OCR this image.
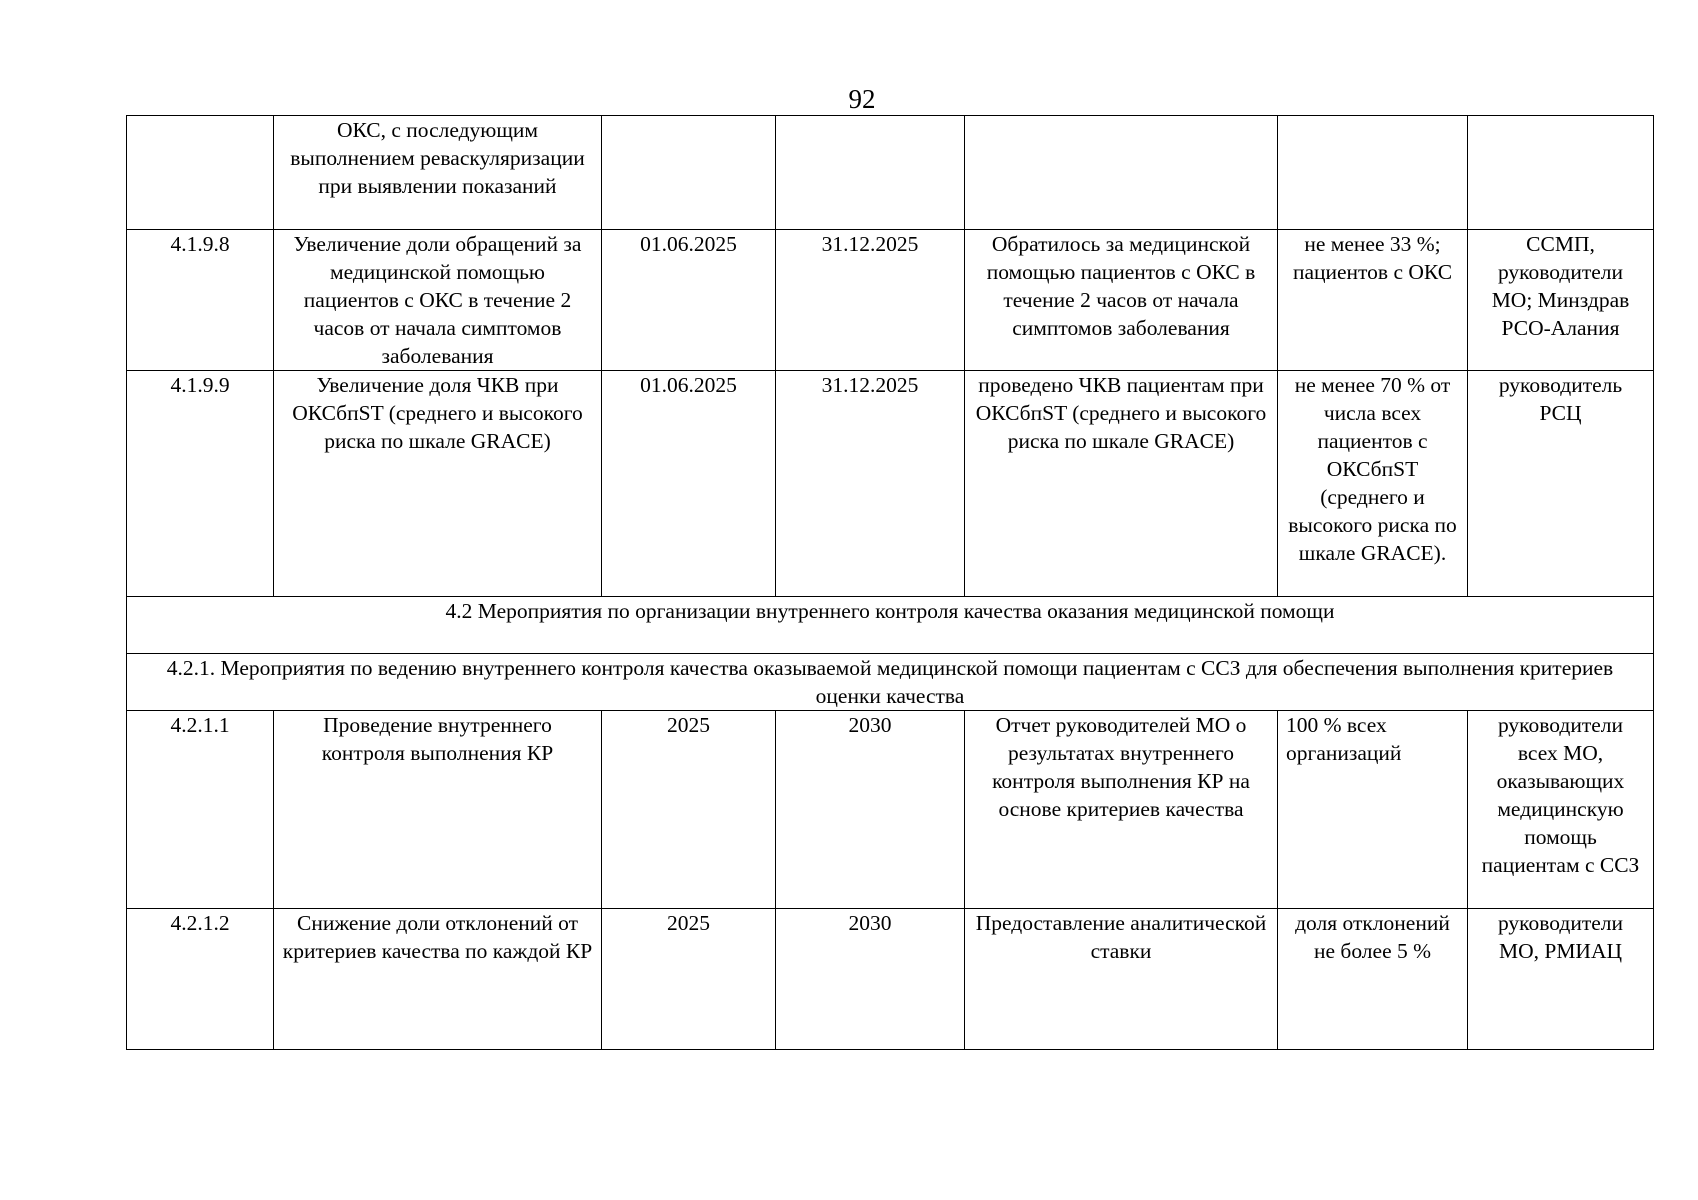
92
	ОКС, с последующим выполнением реваскуляризации при выявлении показаний					
4.1.9.8	Увеличение доли обращений за медицинской помощью пациентов с ОКС в течение 2 часов от начала симптомов заболевания	01.06.2025	31.12.2025	Обратилось за медицинской помощью пациентов с ОКС в течение 2 часов от начала симптомов заболевания	не менее 33 %; пациентов с ОКС	ССМП, руководители МО; Минздрав РСО-Алания
4.1.9.9	Увеличение доля ЧКВ при ОКСбпST (среднего и высокого риска по шкале GRACE)	01.06.2025	31.12.2025	проведено ЧКВ пациентам при ОКСбпST (среднего и высокого риска по шкале GRACE)	не менее 70 % от числа всех пациентов с ОКСбпST (среднего и высокого риска по шкале GRACE).	руководитель РСЦ
4.2 Мероприятия по организации внутреннего контроля качества оказания медицинской помощи						
4.2.1. Мероприятия по ведению внутреннего контроля качества оказываемой медицинской помощи пациентам с ССЗ для обеспечения выполнения критериев оценки качества						
4.2.1.1	Проведение внутреннего контроля выполнения КР	2025	2030	Отчет руководителей МО о результатах внутреннего контроля выполнения КР на основе критериев качества	100 % всех организаций	руководители всех МО, оказывающих медицинскую помощь пациентам с ССЗ
4.2.1.2	Снижение доли отклонений от критериев качества по каждой КР	2025	2030	Предоставление аналитической ставки	доля отклонений не более 5 %	руководители МО, РМИАЦ
